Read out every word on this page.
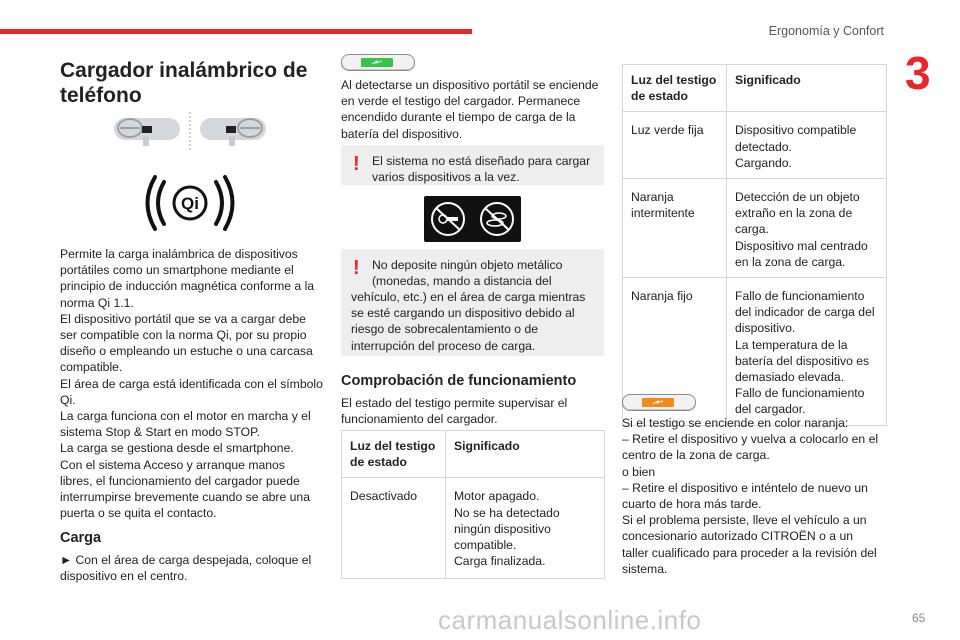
Ergonomía y Confort
3
Cargador inalámbrico de teléfono
Qi
Permite la carga inalámbrica de dispositivos
portátiles como un smartphone mediante el
principio de inducción magnética conforme a la
norma Qi 1.1.
El dispositivo portátil que se va a cargar debe
ser compatible con la norma Qi, por su propio
diseño o empleando un estuche o una carcasa
compatible.
El área de carga está identificada con el símbolo
Qi.
La carga funciona con el motor en marcha y el
sistema Stop & Start en modo STOP.
La carga se gestiona desde el smartphone.
Con el sistema Acceso y arranque manos
libres, el funcionamiento del cargador puede
interrumpirse brevemente cuando se abre una
puerta o se quita el contacto.
Carga
► Con el área de carga despejada, coloque el
dispositivo en el centro.
Al detectarse un dispositivo portátil se enciende
en verde el testigo del cargador. Permanece
encendido durante el tiempo de carga de la
batería del dispositivo.
! El sistema no está diseñado para cargar
varios dispositivos a la vez.
! No deposite ningún objeto metálico
(monedas, mando a distancia del
vehículo, etc.) en el área de carga mientras
se esté cargando un dispositivo debido al
riesgo de sobrecalentamiento o de
interrupción del proceso de carga.
Comprobación de funcionamiento
El estado del testigo permite supervisar el
funcionamiento del cargador.
Luz del testigo de estado	Significado
Desactivado	Motor apagado.
No se ha detectado ningún dispositivo compatible.
Carga finalizada.
Luz del testigo de estado	Significado
Luz verde fija	Dispositivo compatible detectado.
Cargando.

Naranja intermitente	Detección de un objeto extraño en la zona de carga.
Dispositivo mal centrado en la zona de carga.

Naranja fijo	Fallo de funcionamiento del indicador de carga del dispositivo.
La temperatura de la batería del dispositivo es demasiado elevada.
Fallo de funcionamiento del cargador.
Si el testigo se enciende en color naranja:
– Retire el dispositivo y vuelva a colocarlo en el
centro de la zona de carga.
o bien
– Retire el dispositivo e inténtelo de nuevo un
cuarto de hora más tarde.
Si el problema persiste, lleve el vehículo a un
concesionario autorizado CITROËN o a un
taller cualificado para proceder a la revisión del
sistema.
carmanualsonline.info	65
